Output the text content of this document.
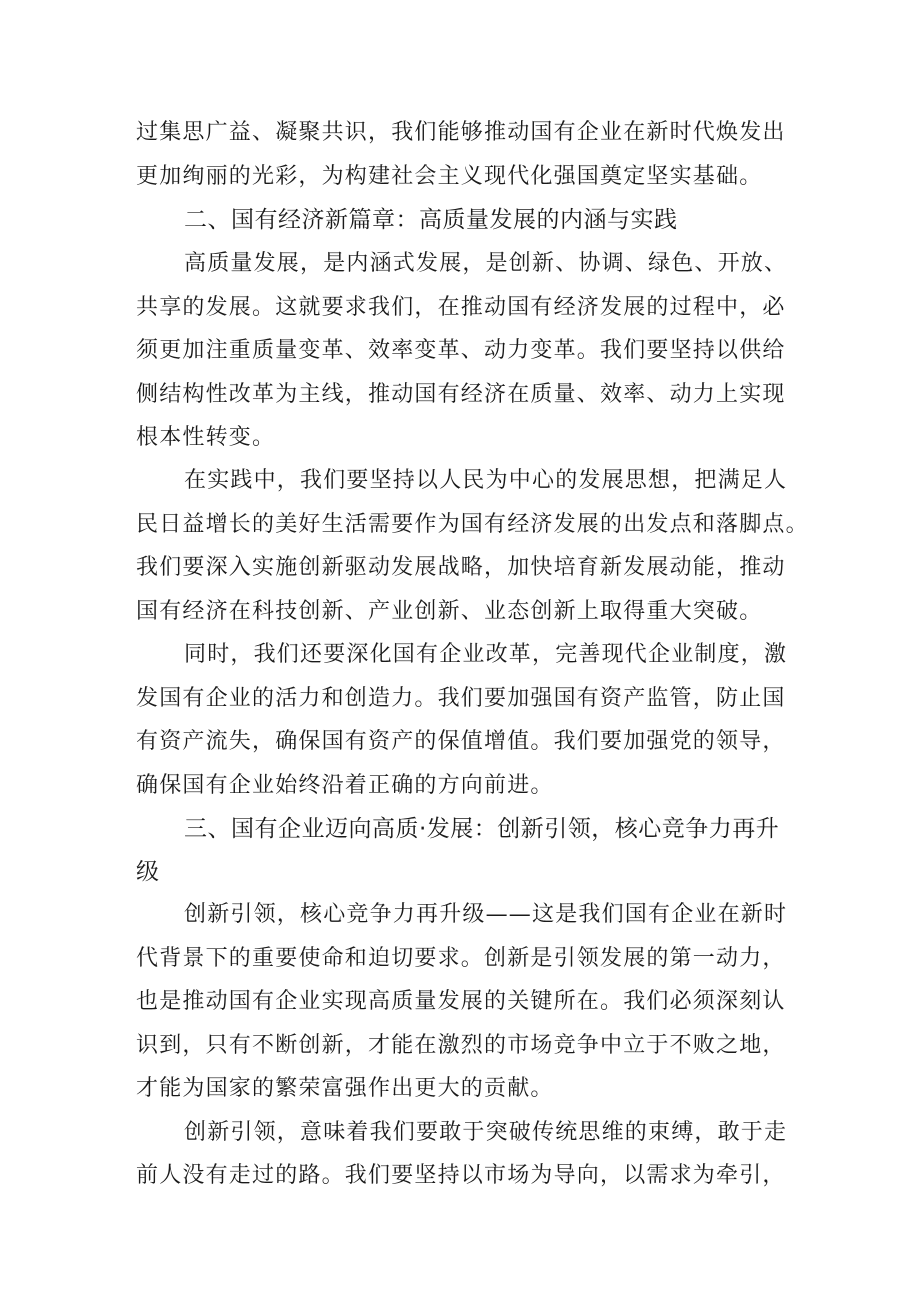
过集思广益、凝聚共识，我们能够推动国有企业在新时代焕发出
更加绚丽的光彩，为构建社会主义现代化强国奠定坚实基础。
二、国有经济新篇章：高质量发展的内涵与实践
高质量发展，是内涵式发展，是创新、协调、绿色、开放、
共享的发展。这就要求我们，在推动国有经济发展的过程中，必
须更加注重质量变革、效率变革、动力变革。我们要坚持以供给
侧结构性改革为主线，推动国有经济在质量、效率、动力上实现
根本性转变。
在实践中，我们要坚持以人民为中心的发展思想，把满足人
民日益增长的美好生活需要作为国有经济发展的出发点和落脚点。
我们要深入实施创新驱动发展战略，加快培育新发展动能，推动
国有经济在科技创新、产业创新、业态创新上取得重大突破。
同时，我们还要深化国有企业改革，完善现代企业制度，激
发国有企业的活力和创造力。我们要加强国有资产监管，防止国
有资产流失，确保国有资产的保值增值。我们要加强党的领导，
确保国有企业始终沿着正确的方向前进。
三、国有企业迈向高质·发展：创新引领，核心竞争力再升
级
创新引领，核心竞争力再升级——这是我们国有企业在新时
代背景下的重要使命和迫切要求。创新是引领发展的第一动力，
也是推动国有企业实现高质量发展的关键所在。我们必须深刻认
识到，只有不断创新，才能在激烈的市场竞争中立于不败之地，
才能为国家的繁荣富强作出更大的贡献。
创新引领，意味着我们要敢于突破传统思维的束缚，敢于走
前人没有走过的路。我们要坚持以市场为导向，以需求为牵引，
